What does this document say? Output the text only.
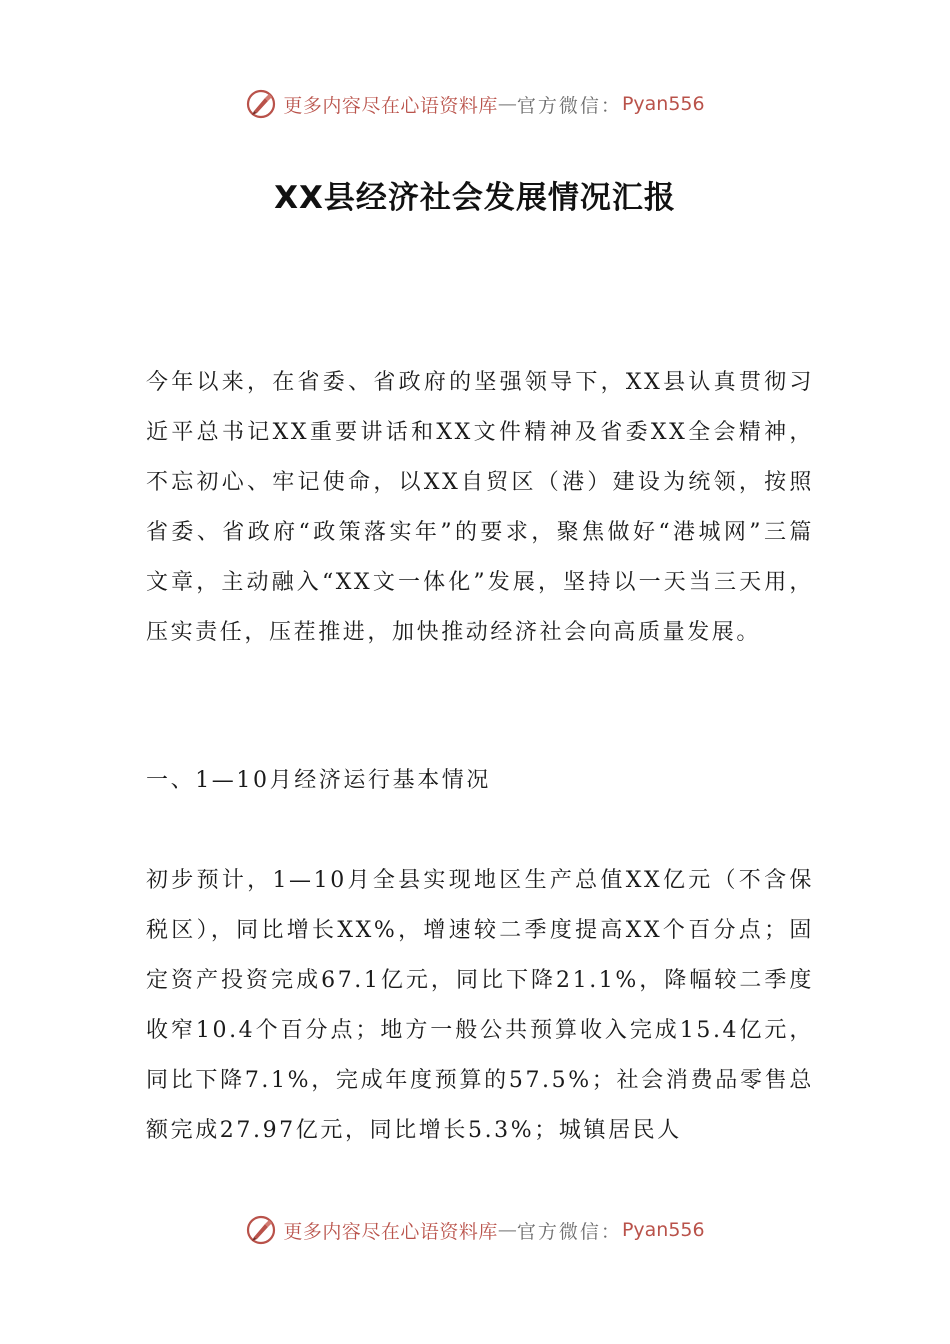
更多内容尽在心语资料库 — 官方微信： Pyan556
XX县经济社会发展情况汇报

今年以来，在省委、省政府的坚强领导下，XX县认真贯彻习近平总书记XX重要讲话和XX文件精神及省委XX全会精神，不忘初心、牢记使命，以XX自贸区（港）建设为统领，按照省委、省政府“政策落实年”的要求，聚焦做好“港城网”三篇文章，主动融入“XX文一体化”发展，坚持以一天当三天用，压实责任，压茬推进，加快推动经济社会向高质量发展。

一、1—10月经济运行基本情况

初步预计，1—10月全县实现地区生产总值XX亿元（不含保税区），同比增长XX%，增速较二季度提高XX个百分点；固定资产投资完成67.1亿元，同比下降21.1%，降幅较二季度收窄10.4个百分点；地方一般公共预算收入完成15.4亿元，同比下降7.1%，完成年度预算的57.5%；社会消费品零售总额完成27.97亿元，同比增长5.3%；城镇居民人

更多内容尽在心语资料库 — 官方微信： Pyan556
